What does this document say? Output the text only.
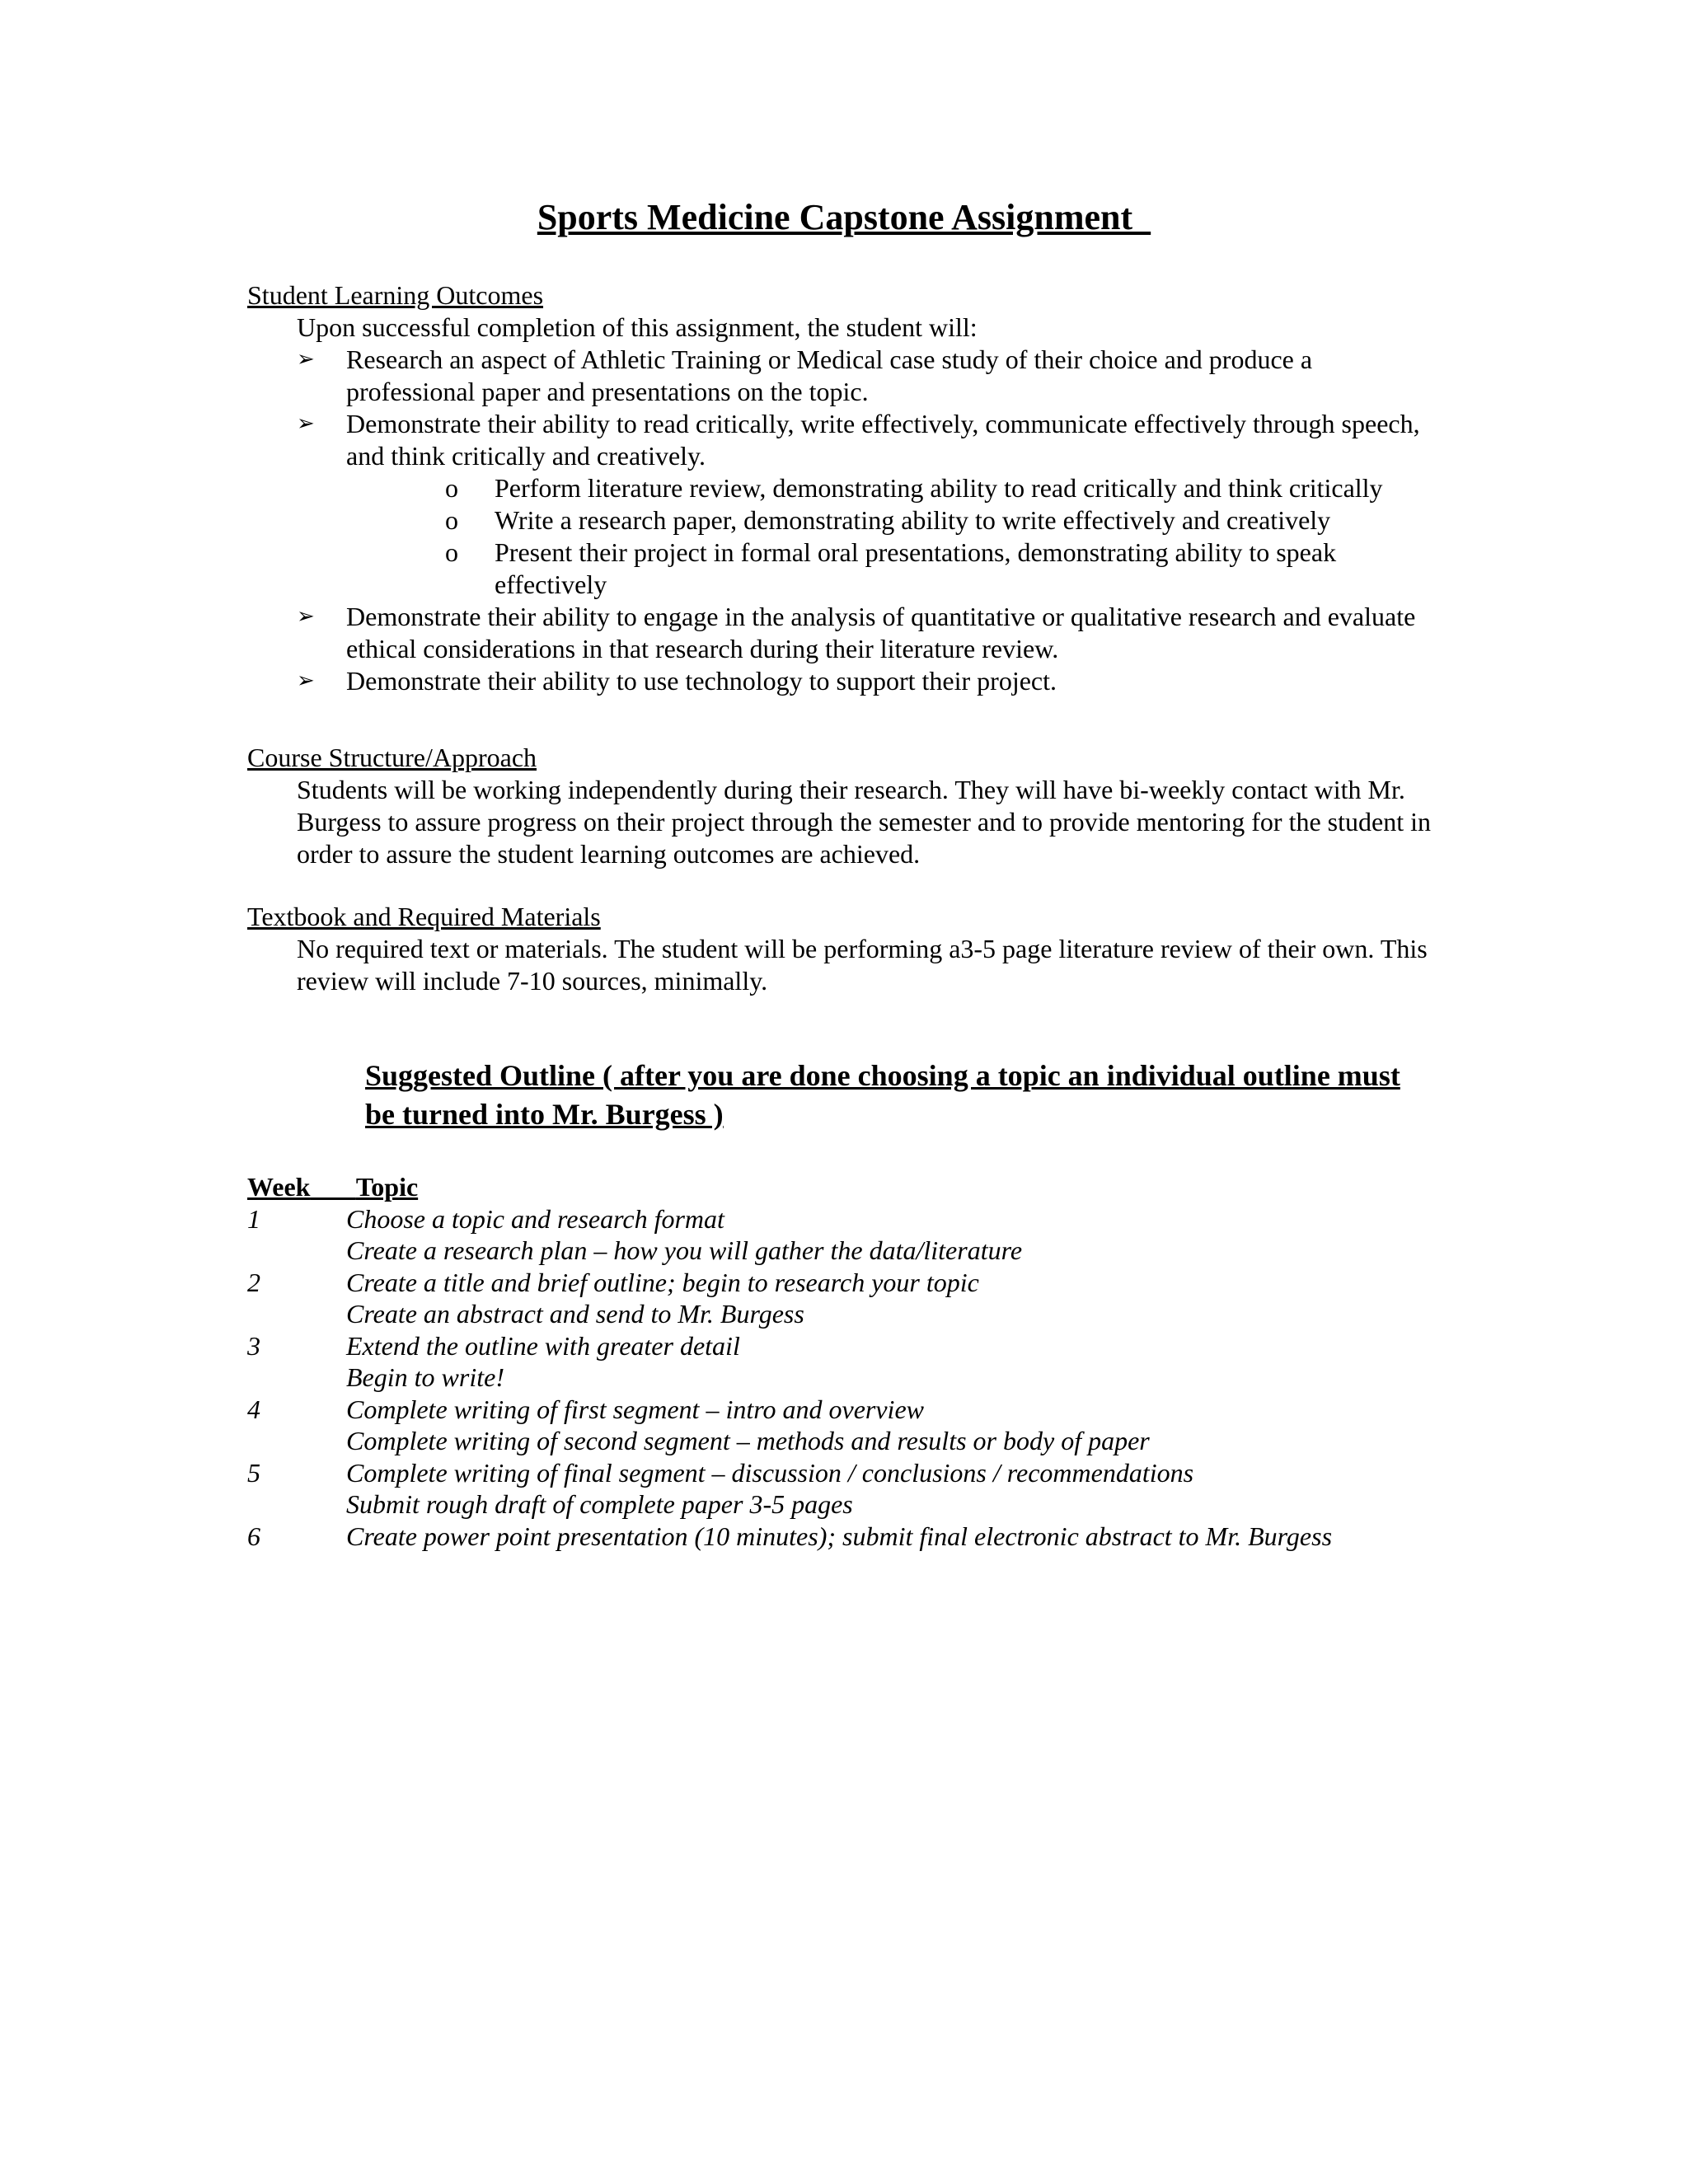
Sports Medicine Capstone Assignment

Student Learning Outcomes

Upon successful completion of this assignment, the student will:

➢ Research an aspect of Athletic Training or Medical case study of their choice and produce a professional paper and presentations on the topic.
➢ Demonstrate their ability to read critically, write effectively, communicate effectively through speech, and think critically and creatively.
o Perform literature review, demonstrating ability to read critically and think critically
o Write a research paper, demonstrating ability to write effectively and creatively
o Present their project in formal oral presentations, demonstrating ability to speak effectively
➢ Demonstrate their ability to engage in the analysis of quantitative or qualitative research and evaluate ethical considerations in that research during their literature review.
➢ Demonstrate their ability to use technology to support their project.

Course Structure/Approach

Students will be working independently during their research. They will have bi-weekly contact with Mr. Burgess to assure progress on their project through the semester and to provide mentoring for the student in order to assure the student learning outcomes are achieved.

Textbook and Required Materials

No required text or materials. The student will be performing a3-5 page literature review of their own. This review will include 7-10 sources, minimally.

Suggested Outline ( after you are done choosing a topic an individual outline must be turned into Mr. Burgess )
Week Topic
1	Choose a topic and research format
Create a research plan – how you will gather the data/literature
2	Create a title and brief outline; begin to research your topic
Create an abstract and send to Mr. Burgess
3	Extend the outline with greater detail
Begin to write!
4	Complete writing of first segment – intro and overview
Complete writing of second segment – methods and results or body of paper
5	Complete writing of final segment – discussion / conclusions / recommendations
Submit rough draft of complete paper 3-5 pages
6	Create power point presentation (10 minutes); submit final electronic abstract to Mr. Burgess
